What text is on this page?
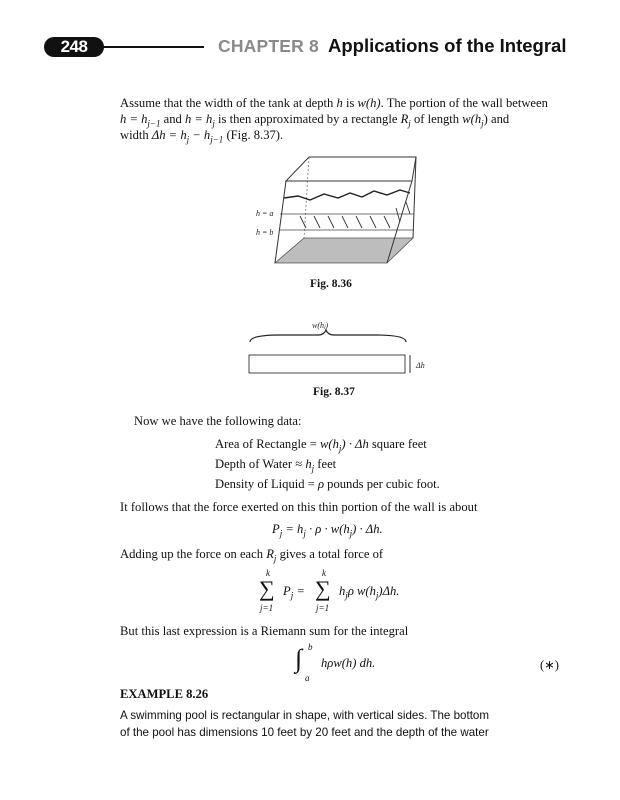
248	CHAPTER 8 Applications of the Integral
Assume that the width of the tank at depth h is w(h). The portion of the wall between
$h = h_{j-1}$ and $h = h_j$ is then approximated by a rectangle $R_j$ of length $w(h_j)$ and
width $\Delta h = h_j - h_{j-1}$ (Fig. 8.37).
h = a
h = b
Fig. 8.36
w(hⱼ)
Δh
Fig. 8.37
Now we have the following data:
Area of Rectangle = $w(h_j) \cdot \Delta h$ square feet
Depth of Water ≈ $h_j$ feet
Density of Liquid = ρ pounds per cubic foot.
It follows that the force exerted on this thin portion of the wall is about
$P_j = h_j \cdot \rho \cdot w(h_j) \cdot \Delta h$.
Adding up the force on each $R_j$ gives a total force of
k
∑
j=1
$P_j$ =
k
∑
j=1
$h_j\rho$ $w(h_j)\Delta h$.
But this last expression is a Riemann sum for the integral
∫ b
a
hρw(h) dh.	(∗)
EXAMPLE 8.26
A swimming pool is rectangular in shape, with vertical sides. The bottom
of the pool has dimensions 10 feet by 20 feet and the depth of the water
